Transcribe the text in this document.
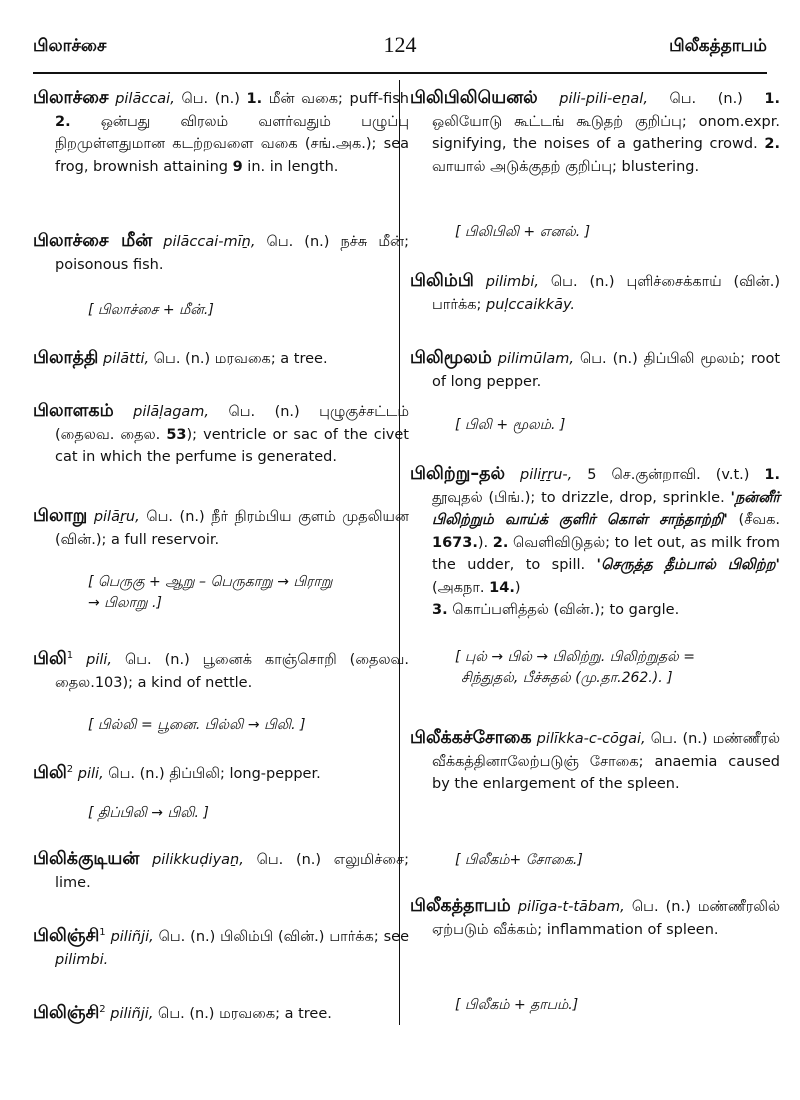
பிலாச்சை	124	பிலீகத்தாபம்
பிலாச்சை pilāccai, பெ. (n.) 1. மீன் வகை; puff-fish 2. ஒன்பது விரலம் வளர்வதும் பழுப்பு நிறமுள்ளதுமான கடற்றவளை வகை (சங்.அக.); sea frog, brownish attaining 9 in. in length.
பிலாச்சை மீன் pilāccai-mīṉ, பெ. (n.) நச்சு மீன்; poisonous fish.
[ பிலாச்சை + மீன்.]
பிலாத்தி pilātti, பெ. (n.) மரவகை; a tree.
பிலாளகம் pilāḷagam, பெ. (n.) புழுகுச்சட்டம் (தைலவ. தைல. 53); ventricle or sac of the civet cat in which the perfume is generated.
பிலாறு pilāṟu, பெ. (n.) நீர் நிரம்பிய குளம் முதலியன (வின்.); a full reservoir.
[ பெருகு + ஆறு – பெருகாறு → பிராறு
→ பிலாறு .]
பிலி$^1$ pili, பெ. (n.) பூனைக் காஞ்சொறி (தைலவ. தைல.103); a kind of nettle.
[ பில்லி = பூனை. பில்லி → பிலி. ]
பிலி$^2$ pili, பெ. (n.) திப்பிலி; long-pepper.
[ திப்பிலி → பிலி. ]
பிலிக்குடியன் pilikkuḍiyaṉ, பெ. (n.) எலுமிச்சை; lime.
பிலிஞ்சி$^1$ piliñji, பெ. (n.) பிலிம்பி (வின்.) பார்க்க; see pilimbi.
பிலிஞ்சி$^2$ piliñji, பெ. (n.) மரவகை; a tree.
பிலிபிலியெனல் pili-pili-eṉal, பெ. (n.) 1. ஒலியோடு கூட்டங் கூடுதற் குறிப்பு; onom.expr. signifying, the noises of a gathering crowd. 2. வாயால் அடுக்குதற் குறிப்பு; blustering.
[ பிலிபிலி + எனல். ]
பிலிம்பி pilimbi, பெ. (n.) புளிச்சைக்காய் (வின்.) பார்க்க; puḷccaikkāy.
பிலிமூலம் pilimūlam, பெ. (n.) திப்பிலி மூலம்; root of long pepper.
[ பிலி + மூலம். ]
பிலிற்று–தல் piliṟṟu-, 5 செ.குன்றாவி. (v.t.) 1. தூவுதல் (பிங்.); to drizzle, drop, sprinkle. 'நன்னீர் பிலிற்றும் வாய்க் குளிர் கொள் சாந்தாற்றி' (சீவக. 1673.). 2. வெளிவிடுதல்; to let out, as milk from the udder, to spill. 'செருத்த தீம்பால் பிலிற்ற' (அகநா. 14.)
3. கொப்பளித்தல் (வின்.); to gargle.
[ புல் → பில் → பிலிற்று. பிலிற்றுதல் =
சிந்துதல், பீச்சுதல் (மு.தா.262.). ]
பிலீக்கச்சோகை pilīkka-c-cōgai, பெ. (n.) மண்ணீரல் வீக்கத்தினாலேற்படுஞ் சோகை; anaemia caused by the enlargement of the spleen.
[ பிலீகம்+ சோகை.]
பிலீகத்தாபம் pilīga-t-tābam, பெ. (n.) மண்ணீரலில் ஏற்படும் வீக்கம்; inflammation of spleen.
[ பிலீகம் + தாபம்.]
